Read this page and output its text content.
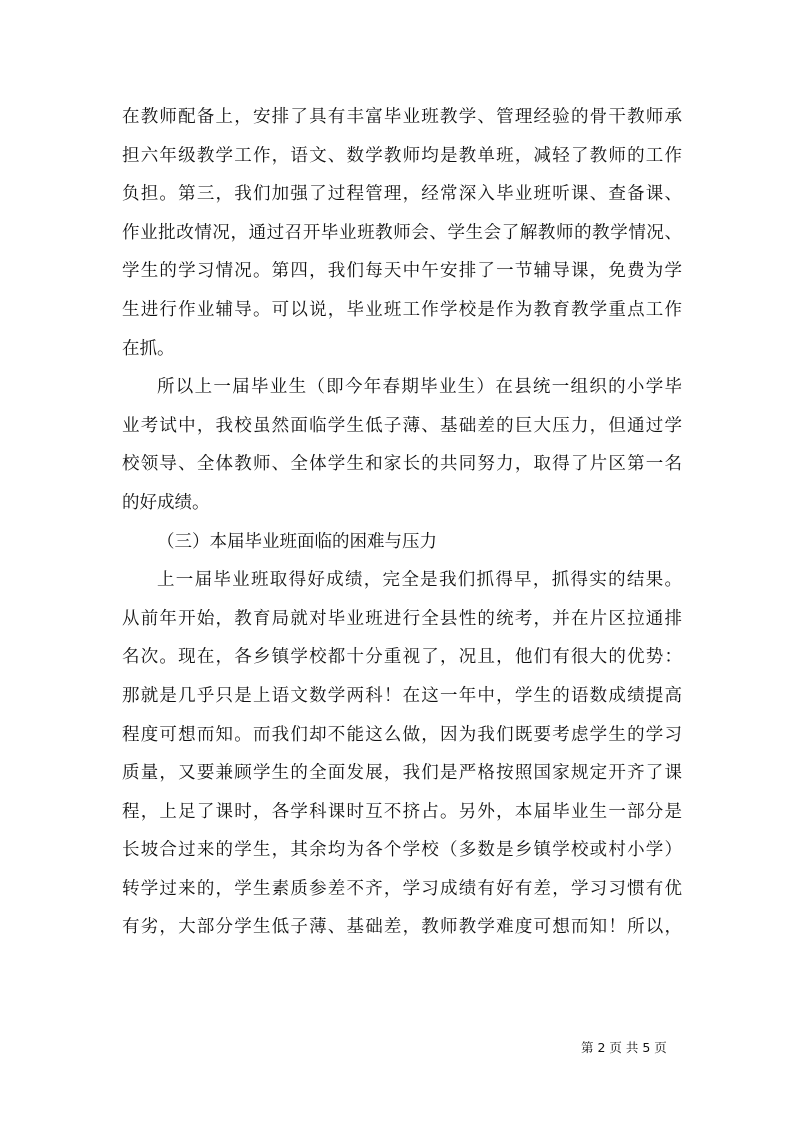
在教师配备上，安排了具有丰富毕业班教学、管理经验的骨干教师承
担六年级教学工作，语文、数学教师均是教单班，减轻了教师的工作
负担。第三，我们加强了过程管理，经常深入毕业班听课、查备课、
作业批改情况，通过召开毕业班教师会、学生会了解教师的教学情况、
学生的学习情况。第四，我们每天中午安排了一节辅导课，免费为学
生进行作业辅导。可以说，毕业班工作学校是作为教育教学重点工作
在抓。
所以上一届毕业生（即今年春期毕业生）在县统一组织的小学毕
业考试中，我校虽然面临学生低子薄、基础差的巨大压力，但通过学
校领导、全体教师、全体学生和家长的共同努力，取得了片区第一名
的好成绩。
（三）本届毕业班面临的困难与压力
上一届毕业班取得好成绩，完全是我们抓得早，抓得实的结果。
从前年开始，教育局就对毕业班进行全县性的统考，并在片区拉通排
名次。现在，各乡镇学校都十分重视了，况且，他们有很大的优势：
那就是几乎只是上语文数学两科！在这一年中，学生的语数成绩提高
程度可想而知。而我们却不能这么做，因为我们既要考虑学生的学习
质量，又要兼顾学生的全面发展，我们是严格按照国家规定开齐了课
程，上足了课时，各学科课时互不挤占。另外，本届毕业生一部分是
长坡合过来的学生，其余均为各个学校（多数是乡镇学校或村小学）
转学过来的，学生素质参差不齐，学习成绩有好有差，学习习惯有优
有劣，大部分学生低子薄、基础差，教师教学难度可想而知！所以，
第 2 页 共 5 页
